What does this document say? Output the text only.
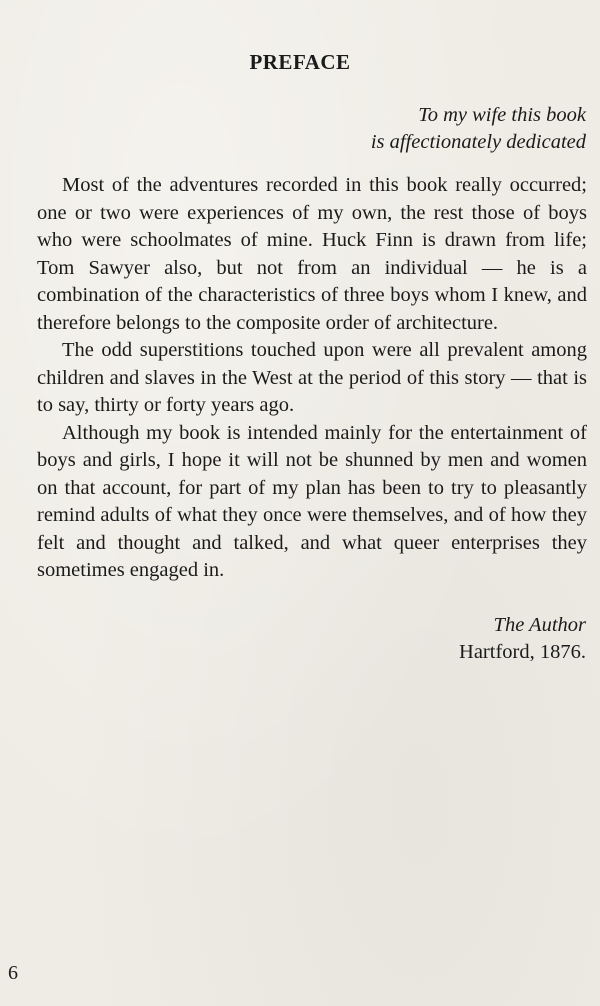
PREFACE
To my wife this book
is affectionately dedicated

Most of the adventures recorded in this book really occurred; one or two were experiences of my own, the rest those of boys who were schoolmates of mine. Huck Finn is drawn from life; Tom Sawyer also, but not from an individual — he is a combination of the characteristics of three boys whom I knew, and therefore belongs to the composite order of architecture.

The odd superstitions touched upon were all prevalent among children and slaves in the West at the period of this story — that is to say, thirty or forty years ago.

Although my book is intended mainly for the entertainment of boys and girls, I hope it will not be shunned by men and women on that account, for part of my plan has been to try to pleasantly remind adults of what they once were themselves, and of how they felt and thought and talked, and what queer enterprises they sometimes engaged in.

The Author
Hartford, 1876.
6
